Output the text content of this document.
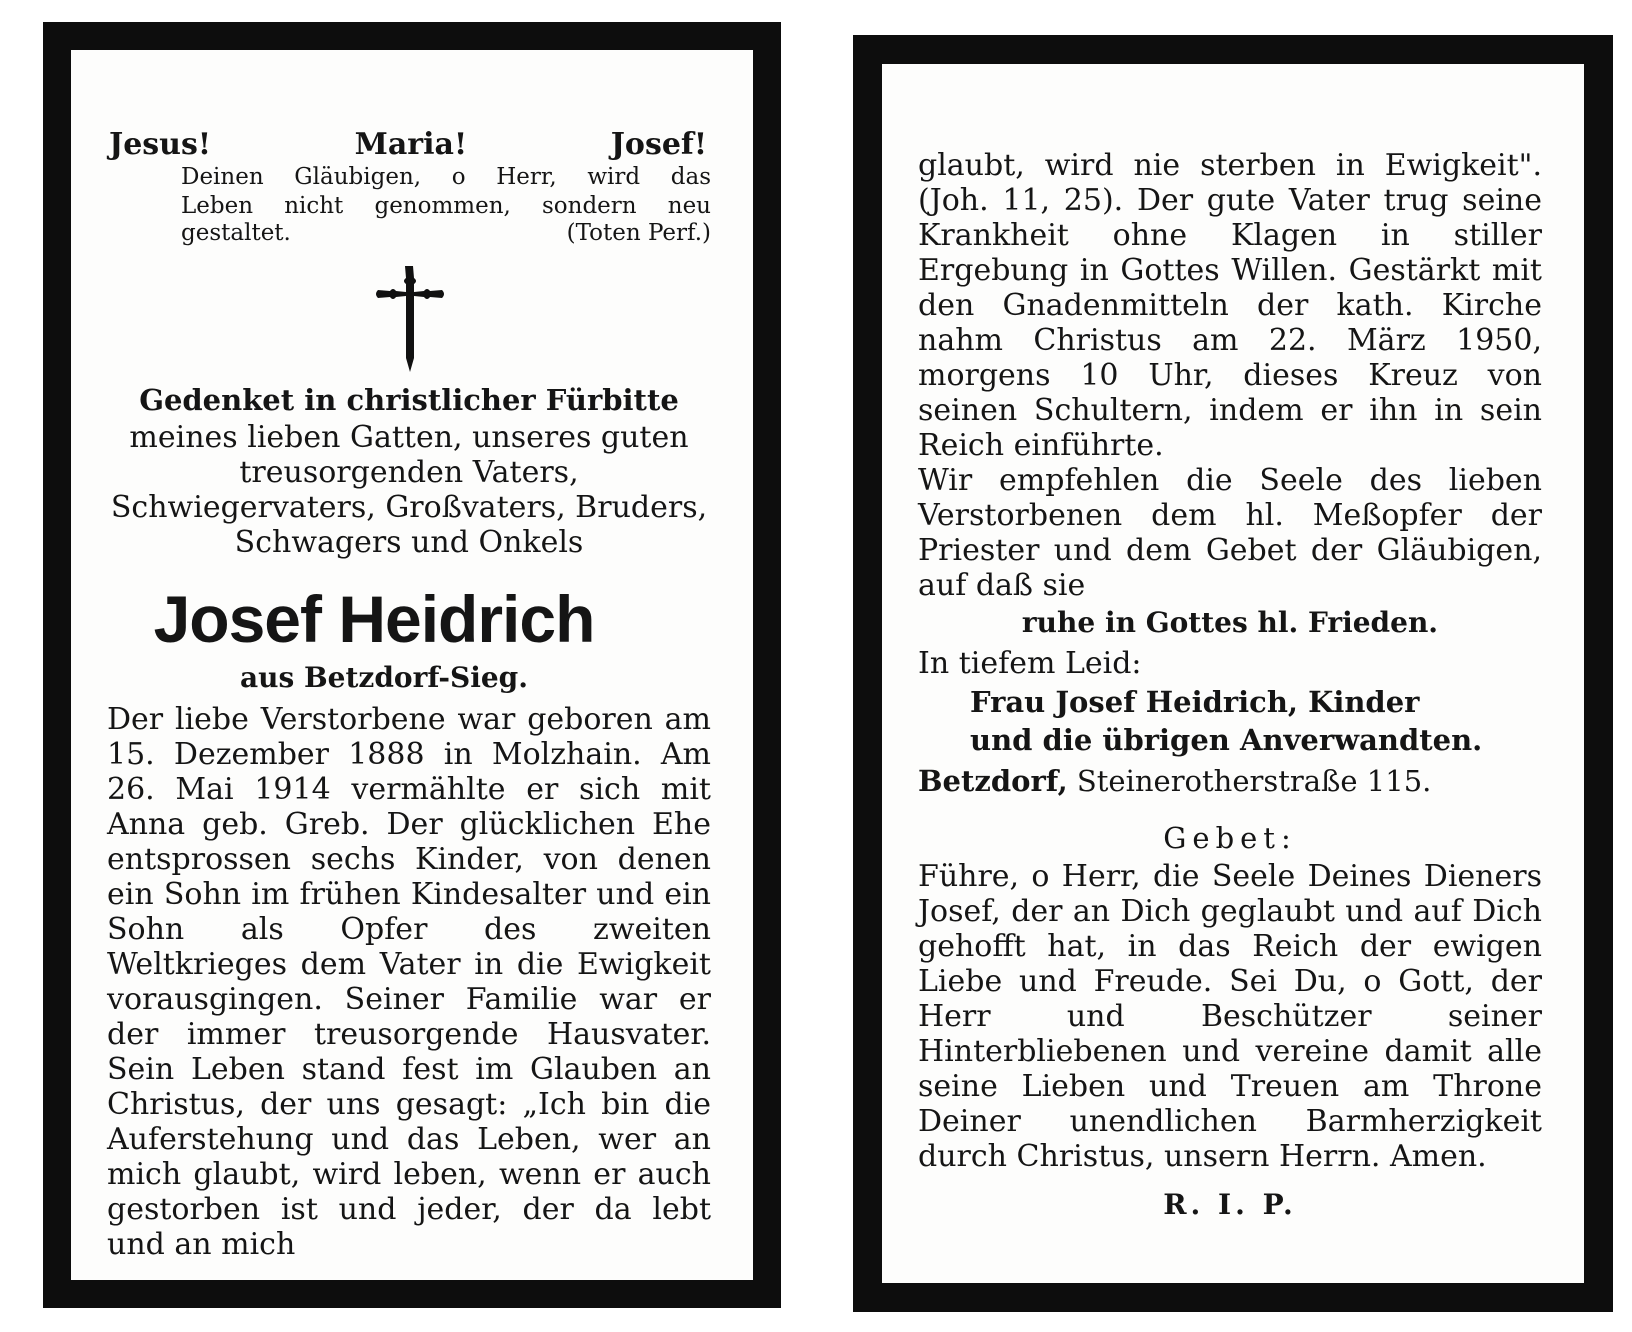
Jesus!	Maria!	Josef!
Deinen Gläubigen, o Herr, wird das
Leben nicht genommen, sondern neu
gestaltet.	(Toten Perf.)
Gedenket in christlicher Fürbitte

meines lieben Gatten, unseres guten treusorgenden Vaters, Schwiegervaters, Großvaters, Bruders, Schwagers und Onkels

Josef Heidrich
aus Betzdorf-Sieg.

Der liebe Verstorbene war geboren am 15. Dezember 1888 in Molzhain. Am 26. Mai 1914 vermählte er sich mit Anna geb. Greb. Der glücklichen Ehe entsprossen sechs Kinder, von denen ein Sohn im frühen Kindesalter und ein Sohn als Opfer des zweiten Weltkrieges dem Vater in die Ewigkeit vorausgingen. Seiner Familie war er der immer treusorgende Hausvater. Sein Leben stand fest im Glauben an Christus, der uns gesagt: „Ich bin die Auferstehung und das Leben, wer an mich glaubt, wird leben, wenn er auch gestorben ist und jeder, der da lebt und an mich

glaubt, wird nie sterben in Ewigkeit". (Joh. 11, 25). Der gute Vater trug seine Krankheit ohne Klagen in stiller Ergebung in Gottes Willen. Gestärkt mit den Gnadenmitteln der kath. Kirche nahm Christus am 22. März 1950, morgens 10 Uhr, dieses Kreuz von seinen Schultern, indem er ihn in sein Reich einführte.

Wir empfehlen die Seele des lieben Verstorbenen dem hl. Meßopfer der Priester und dem Gebet der Gläubigen, auf daß sie

ruhe in Gottes hl. Frieden.
In tiefem Leid:
Frau Josef Heidrich, Kinder
und die übrigen Anverwandten.
Betzdorf, Steinerotherstraße 115.
Gebet:

Führe, o Herr, die Seele Deines Dieners Josef, der an Dich geglaubt und auf Dich gehofft hat, in das Reich der ewigen Liebe und Freude. Sei Du, o Gott, der Herr und Beschützer seiner Hinterbliebenen und vereine damit alle seine Lieben und Treuen am Throne Deiner unendlichen Barmherzigkeit durch Christus, unsern Herrn. Amen.

R. I. P.
